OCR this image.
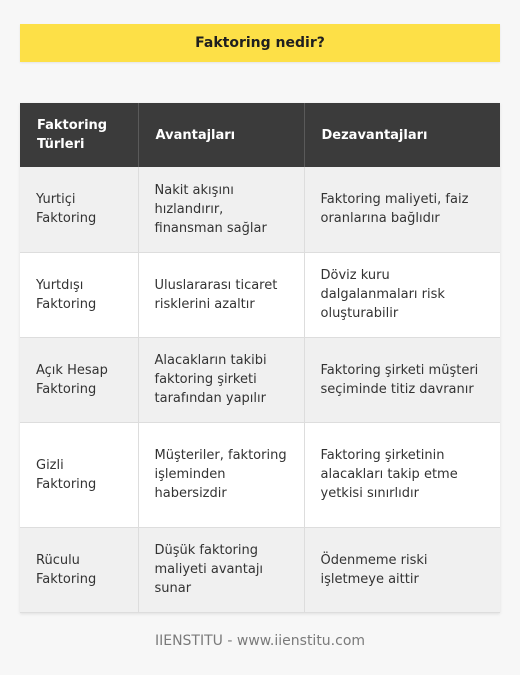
Faktoring nedir?
Faktoring Türleri	Avantajları	Dezavantajları
Yurtiçi Faktoring	Nakit akışını hızlandırır, finansman sağlar	Faktoring maliyeti, faiz oranlarına bağlıdır
Yurtdışı Faktoring	Uluslararası ticaret risklerini azaltır	Döviz kuru dalgalanmaları risk oluşturabilir
Açık Hesap Faktoring	Alacakların takibi faktoring şirketi tarafından yapılır	Faktoring şirketi müşteri seçiminde titiz davranır
Gizli Faktoring	Müşteriler, faktoring işleminden habersizdir	Faktoring şirketinin alacakları takip etme yetkisi sınırlıdır
Rüculu Faktoring	Düşük faktoring maliyeti avantajı sunar	Ödenmeme riski işletmeye aittir
IIENSTITU - www.iienstitu.com
